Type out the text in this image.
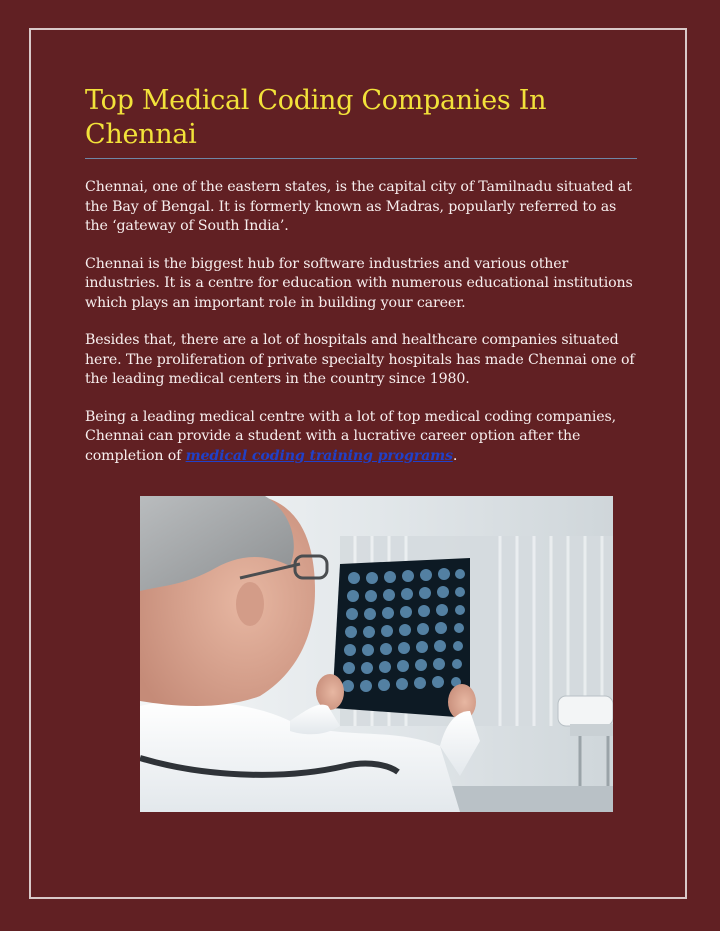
Top Medical Coding Companies In Chennai

Chennai, one of the eastern states, is the capital city of Tamilnadu situated at the Bay of Bengal. It is formerly known as Madras, popularly referred to as the ‘gateway of South India’.

Chennai is the biggest hub for software industries and various other industries. It is a centre for education with numerous educational institutions which plays an important role in building your career.

Besides that, there are a lot of hospitals and healthcare companies situated here. The proliferation of private specialty hospitals has made Chennai one of the leading medical centers in the country since 1980.

Being a leading medical centre with a lot of top medical coding companies, Chennai can provide a student with a lucrative career option after the completion of medical coding training programs.
